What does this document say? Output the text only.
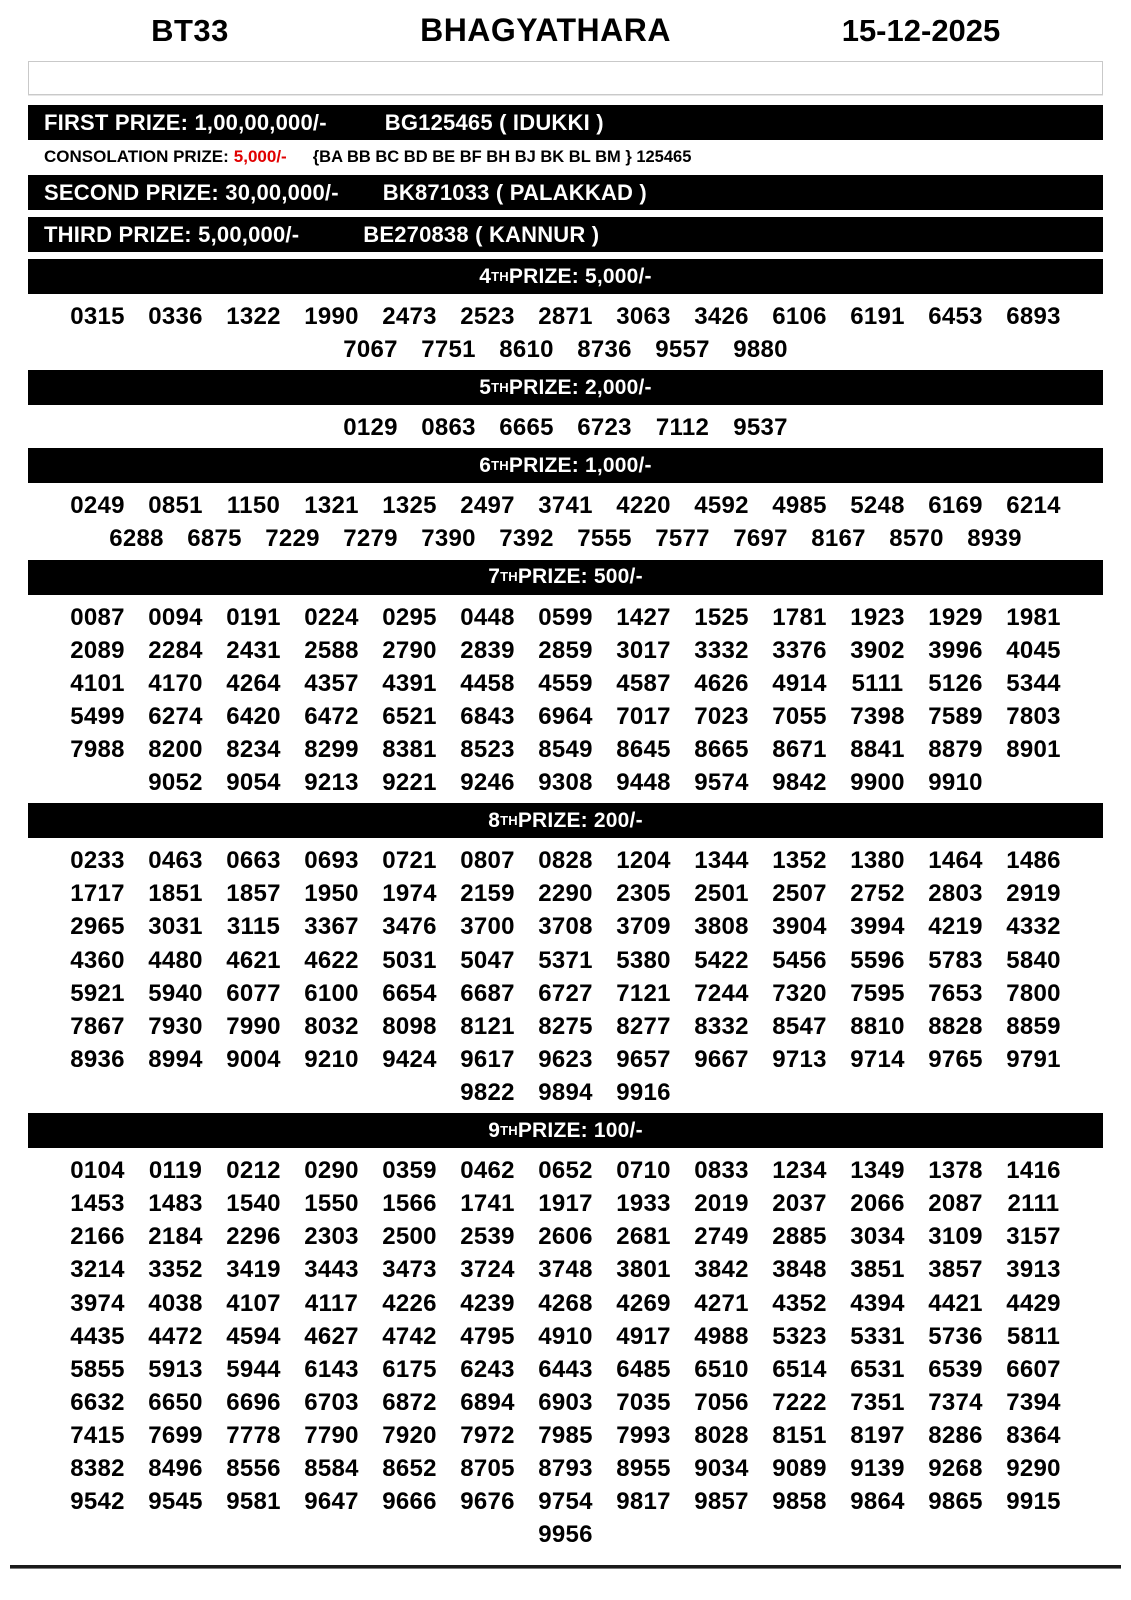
BT33	BHAGYATHARA	15-12-2025
FIRST PRIZE: 1,00,00,000/-	BG125465 ( IDUKKI )
CONSOLATION PRIZE: 5,000/- {BA BB BC BD BE BF BH BJ BK BL BM } 125465
SECOND PRIZE: 30,00,000/- BK871033 ( PALAKKAD )
THIRD PRIZE: 5,00,000/-	BE270838 ( KANNUR )
4 TH PRIZE: 5,000/-
0315 0336 1322 1990 2473 2523 2871 3063 3426 6106 6191 6453 6893
7067 7751 8610 8736 9557 9880
5 TH PRIZE: 2,000/-
0129 0863 6665 6723	7112	9537
6 TH PRIZE: 1,000/-
0249 0851	1150	1321 1325 2497 3741 4220 4592 4985 5248 6169 6214
6288 6875 7229 7279 7390 7392 7555 7577 7697 8167 8570 8939
7 TH PRIZE: 500/-
0087 0094 0191 0224 0295 0448 0599 1427 1525 1781 1923 1929 1981
2089 2284 2431 2588 2790 2839 2859 3017 3332 3376 3902 3996 4045
4101 4170 4264 4357 4391 4458 4559 4587 4626 4914	5111	5126 5344
5499 6274 6420 6472 6521 6843 6964 7017 7023 7055 7398 7589 7803
7988 8200 8234 8299 8381 8523 8549 8645 8665 8671 8841 8879 8901
9052 9054 9213 9221 9246 9308 9448 9574 9842 9900 9910
8 TH PRIZE: 200/-
0233 0463 0663 0693 0721 0807 0828 1204 1344 1352 1380 1464 1486
1717 1851 1857 1950 1974 2159 2290 2305 2501 2507 2752 2803 2919
2965 3031	3115	3367 3476 3700 3708 3709 3808 3904 3994 4219 4332
4360 4480 4621 4622 5031 5047 5371 5380 5422 5456 5596 5783 5840
5921 5940 6077 6100 6654 6687 6727 7121 7244 7320 7595 7653 7800
7867 7930 7990 8032 8098 8121 8275 8277 8332 8547 8810 8828 8859
8936 8994 9004 9210 9424 9617 9623 9657 9667 9713 9714 9765 9791
9822 9894 9916
9 TH PRIZE: 100/-
0104	0119	0212 0290 0359 0462 0652 0710 0833 1234 1349 1378 1416
1453 1483 1540 1550 1566 1741 1917 1933 2019 2037 2066 2087	2111
2166 2184 2296 2303 2500 2539 2606 2681 2749 2885 3034 3109 3157
3214 3352 3419 3443 3473 3724 3748 3801 3842 3848 3851 3857 3913
3974 4038 4107	4117	4226 4239 4268 4269 4271 4352 4394 4421 4429
4435 4472 4594 4627 4742 4795 4910 4917 4988 5323 5331 5736	5811
5855 5913 5944 6143 6175 6243 6443 6485 6510 6514 6531 6539 6607
6632 6650 6696 6703 6872 6894 6903 7035 7056 7222 7351 7374 7394
7415 7699 7778 7790 7920 7972 7985 7993 8028 8151 8197 8286 8364
8382 8496 8556 8584 8652 8705 8793 8955 9034 9089 9139 9268 9290
9542 9545 9581 9647 9666 9676 9754 9817 9857 9858 9864 9865 9915
9956
